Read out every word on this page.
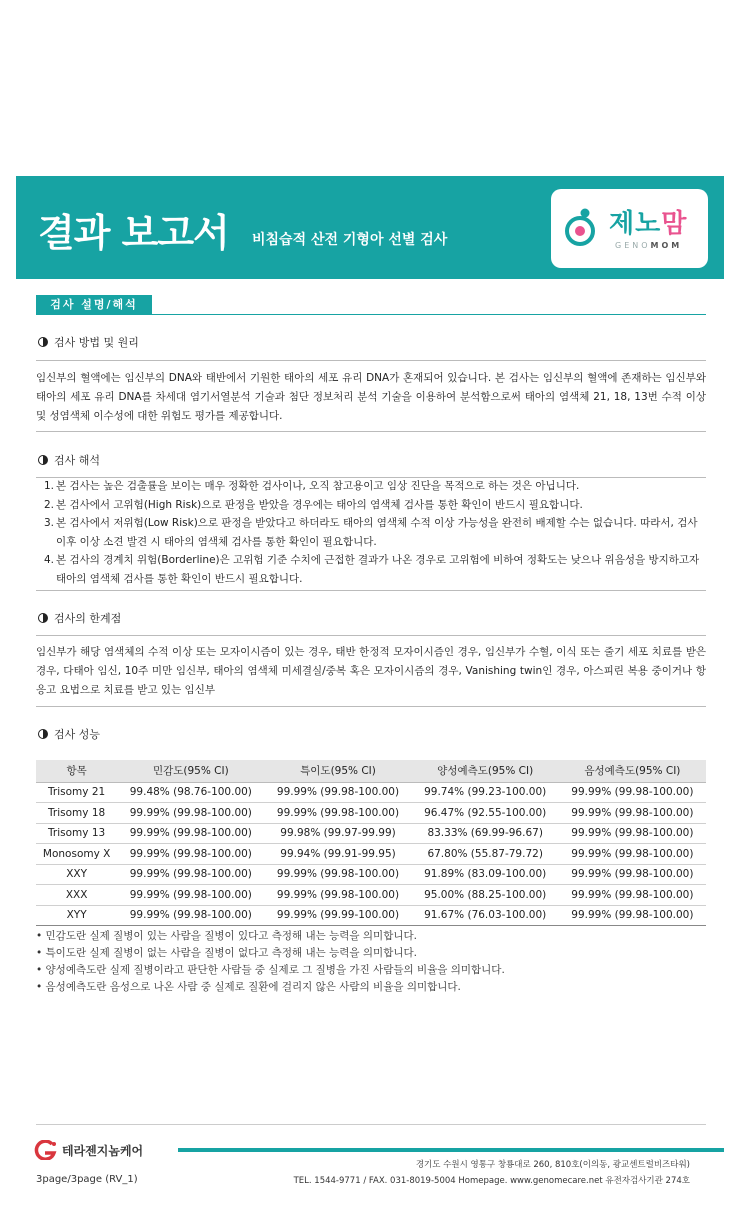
결과 보고서 비침습적 산전 기형아 선별 검사
제노맘
GENOMOM
검사 설명/해석
검사 방법 및 원리
임신부의 혈액에는 임신부의 DNA와 태반에서 기원한 태아의 세포 유리 DNA가 혼재되어 있습니다. 본 검사는 임신부의 혈액에 존재하는 임신부와 태아의 세포 유리 DNA를 차세대 염기서열분석 기술과 첨단 정보처리 분석 기술을 이용하여 분석함으로써 태아의 염색체 21, 18, 13번 수적 이상 및 성염색체 이수성에 대한 위험도 평가를 제공합니다.
검사 해석
1. 본 검사는 높은 검출률을 보이는 매우 정확한 검사이나, 오직 참고용이고 임상 진단을 목적으로 하는 것은 아닙니다.
2. 본 검사에서 고위험(High Risk)으로 판정을 받았을 경우에는 태아의 염색체 검사를 통한 확인이 반드시 필요합니다.
3. 본 검사에서 저위험(Low Risk)으로 판정을 받았다고 하더라도 태아의 염색체 수적 이상 가능성을 완전히 배제할 수는 없습니다. 따라서, 검사 이후 이상 소견 발견 시 태아의 염색체 검사를 통한 확인이 필요합니다.
4. 본 검사의 경계치 위험(Borderline)은 고위험 기준 수치에 근접한 결과가 나온 경우로 고위험에 비하여 정확도는 낮으나 위음성을 방지하고자 태아의 염색체 검사를 통한 확인이 반드시 필요합니다.
검사의 한계점
임신부가 해당 염색체의 수적 이상 또는 모자이시즘이 있는 경우, 태반 한정적 모자이시즘인 경우, 임신부가 수혈, 이식 또는 줄기 세포 치료를 받은 경우, 다태아 임신, 10주 미만 임신부, 태아의 염색체 미세결실/중복 혹은 모자이시즘의 경우, Vanishing twin인 경우, 아스피린 복용 중이거나 항 응고 요법으로 치료를 받고 있는 임신부
검사 성능
항목	민감도(95% CI)	특이도(95% CI)	양성예측도(95% CI)	음성예측도(95% CI)
Trisomy 21	99.48% (98.76-100.00)	99.99% (99.98-100.00)	99.74% (99.23-100.00)	99.99% (99.98-100.00)
Trisomy 18	99.99% (99.98-100.00)	99.99% (99.98-100.00)	96.47% (92.55-100.00)	99.99% (99.98-100.00)
Trisomy 13	99.99% (99.98-100.00)	99.98% (99.97-99.99)	83.33% (69.99-96.67)	99.99% (99.98-100.00)
Monosomy X	99.99% (99.98-100.00)	99.94% (99.91-99.95)	67.80% (55.87-79.72)	99.99% (99.98-100.00)
XXY	99.99% (99.98-100.00)	99.99% (99.98-100.00)	91.89% (83.09-100.00)	99.99% (99.98-100.00)
XXX	99.99% (99.98-100.00)	99.99% (99.98-100.00)	95.00% (88.25-100.00)	99.99% (99.98-100.00)
XYY	99.99% (99.98-100.00)	99.99% (99.99-100.00)	91.67% (76.03-100.00)	99.99% (99.98-100.00)
• 민감도란 실제 질병이 있는 사람을 질병이 있다고 측정해 내는 능력을 의미합니다.
• 특이도란 실제 질병이 없는 사람을 질병이 없다고 측정해 내는 능력을 의미합니다.
• 양성예측도란 실제 질병이라고 판단한 사람들 중 실제로 그 질병을 가진 사람들의 비율을 의미합니다.
• 음성예측도란 음성으로 나온 사람 중 실제로 질환에 걸리지 않은 사람의 비율을 의미합니다.
테라젠지놈케어
3page/3page (RV_1)
경기도 수원시 영통구 창룡대로 260, 810호(이의동, 광교센트럴비즈타워)
TEL. 1544-9771 / FAX. 031-8019-5004 Homepage. www.genomecare.net 유전자검사기관 274호
